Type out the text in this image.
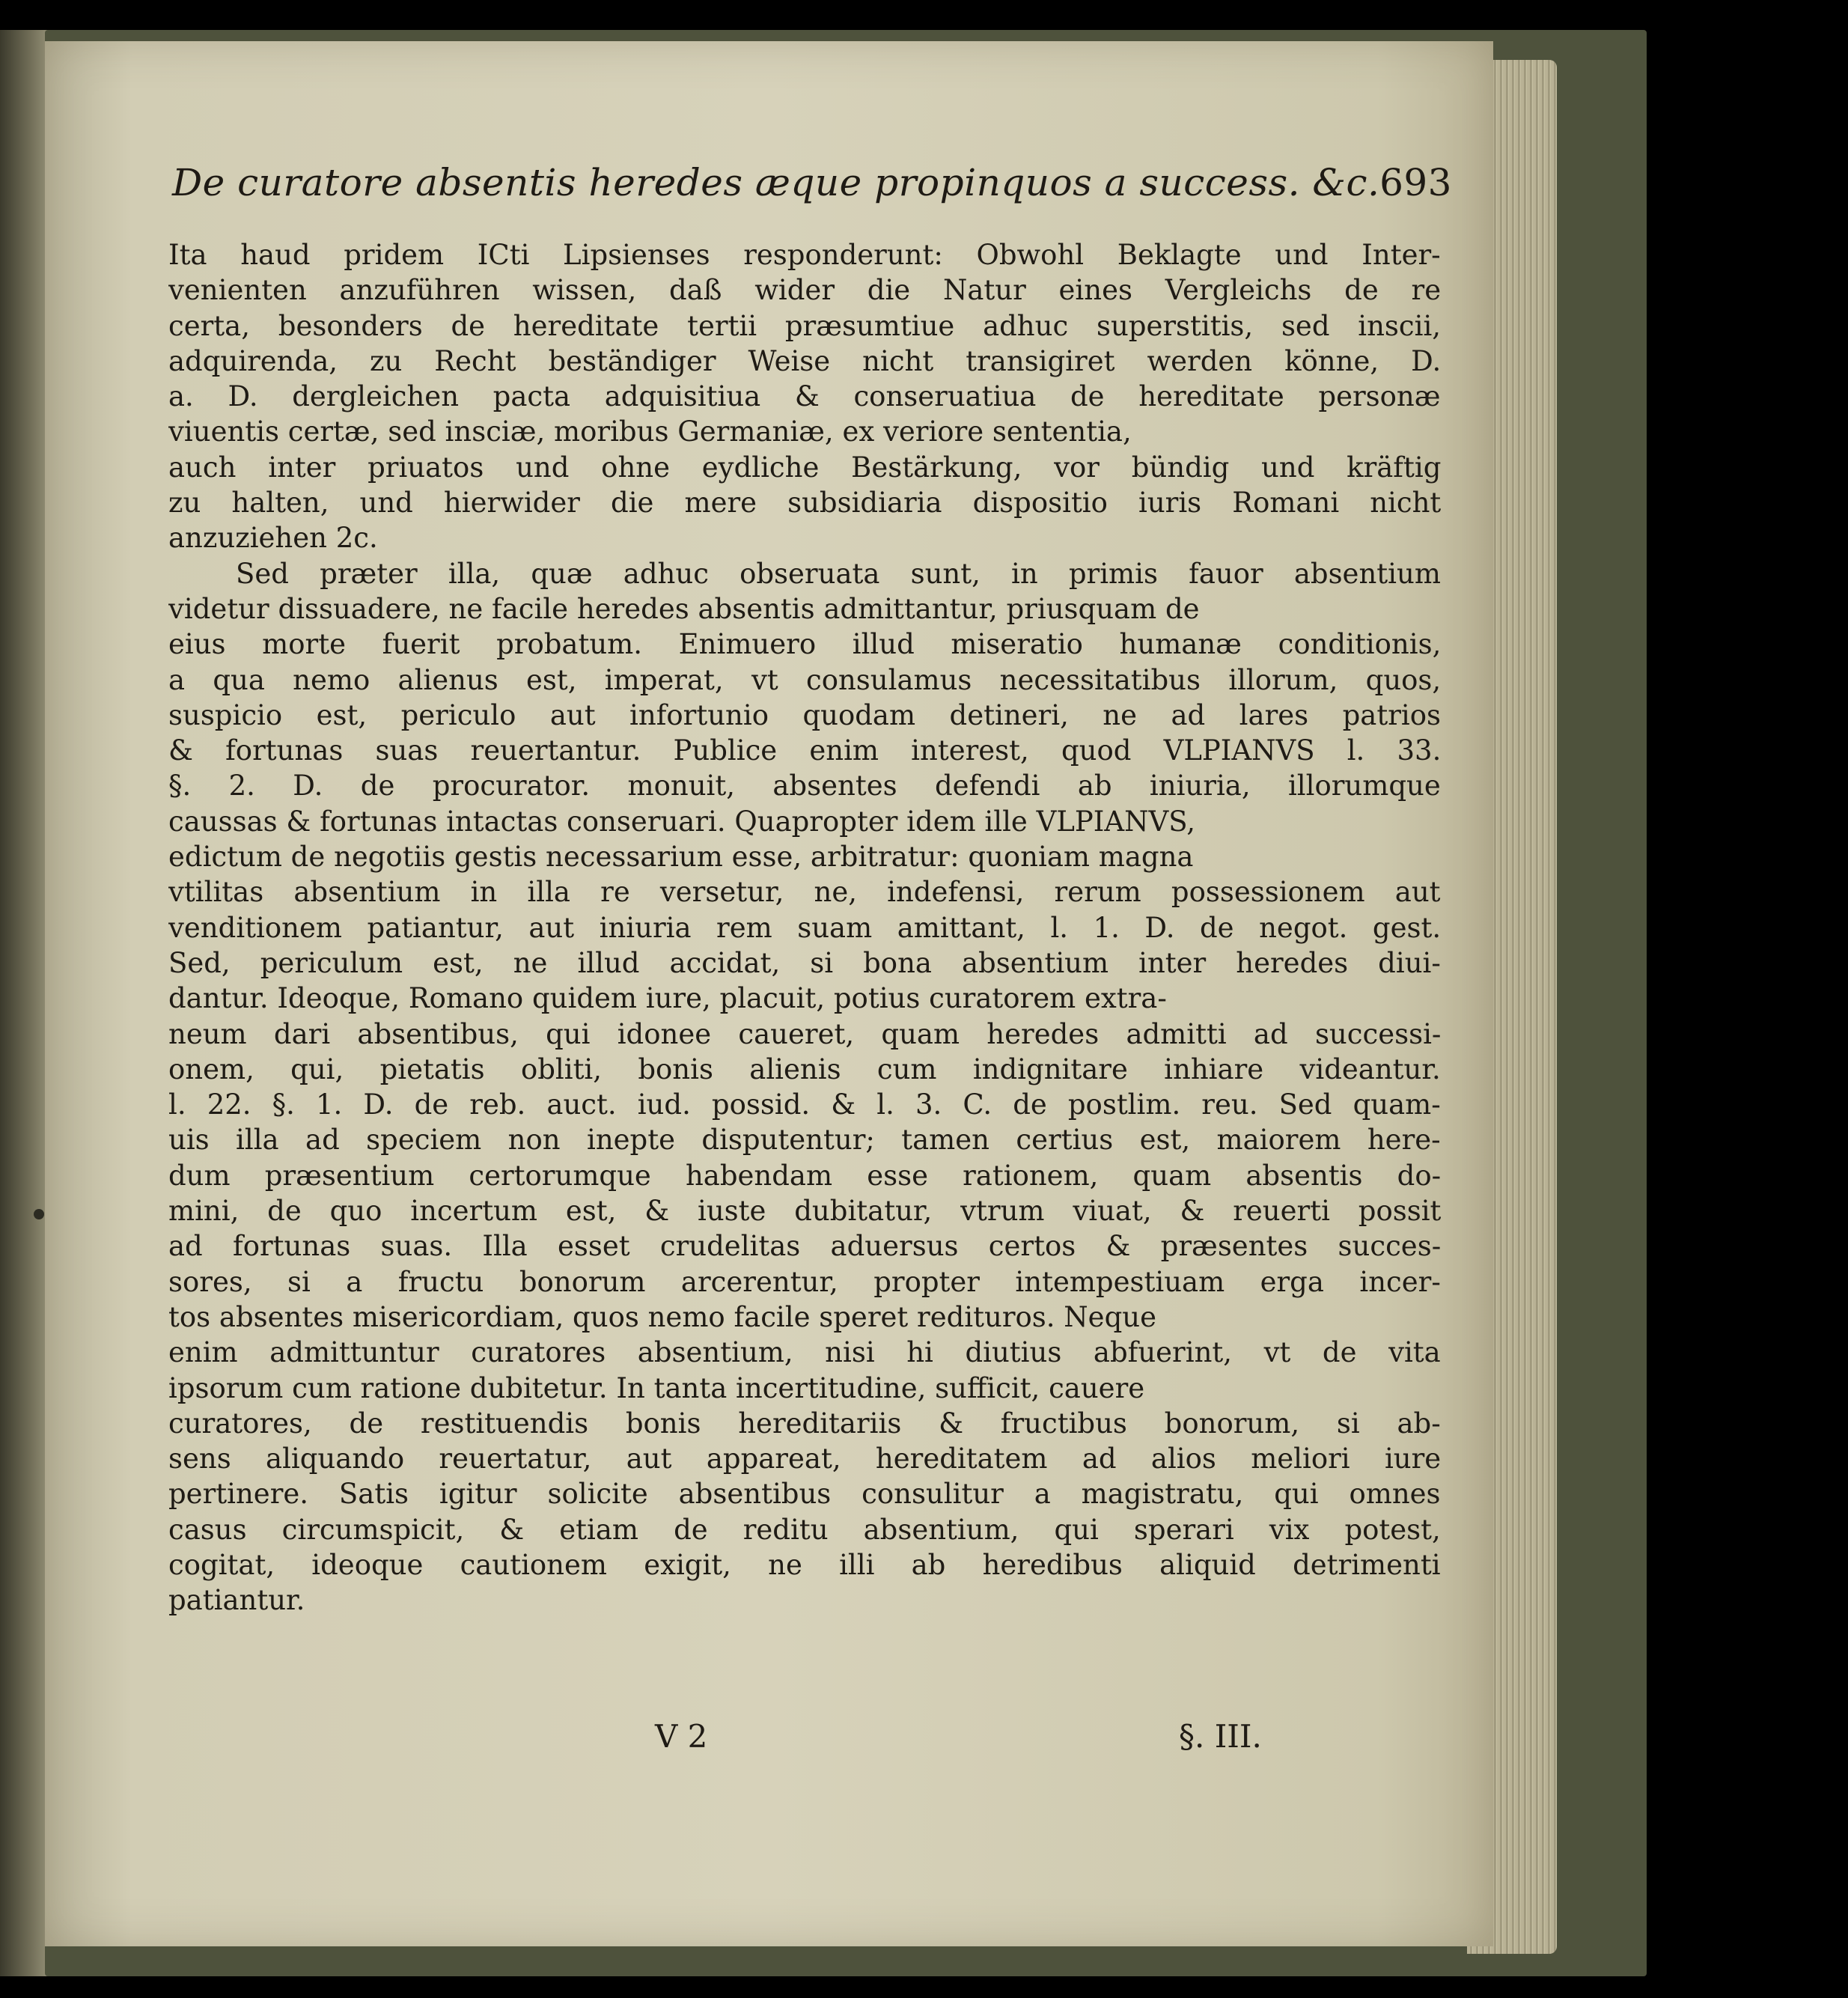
De curatore absentis heredes æque propinquos a success. &c. 693
Ita haud pridem ICti Lipsienses responderunt: Obwohl Beklagte und Inter-
venienten anzuführen wissen, daß wider die Natur eines Vergleichs de re
certa, besonders de hereditate tertii præsumtiue adhuc superstitis, sed inscii,
adquirenda, zu Recht beständiger Weise nicht transigiret werden könne, D.
a. D. dergleichen pacta adquisitiua & conseruatiua de hereditate personæ
viuentis certæ, sed insciæ, moribus Germaniæ, ex veriore sententia,
auch inter priuatos und ohne eydliche Bestärkung, vor bündig und kräftig
zu halten, und hierwider die mere subsidiaria dispositio iuris Romani nicht
anzuziehen 2c.
Sed præter illa, quæ adhuc obseruata sunt, in primis fauor absentium
videtur dissuadere, ne facile heredes absentis admittantur, priusquam de
eius morte fuerit probatum. Enimuero illud miseratio humanæ conditionis,
a qua nemo alienus est, imperat, vt consulamus necessitatibus illorum, quos,
suspicio est, periculo aut infortunio quodam detineri, ne ad lares patrios
& fortunas suas reuertantur. Publice enim interest, quod VLPIANVS l. 33.
§. 2. D. de procurator. monuit, absentes defendi ab iniuria, illorumque
caussas & fortunas intactas conseruari. Quapropter idem ille VLPIANVS,
edictum de negotiis gestis necessarium esse, arbitratur: quoniam magna
vtilitas absentium in illa re versetur, ne, indefensi, rerum possessionem aut
venditionem patiantur, aut iniuria rem suam amittant, l. 1. D. de negot. gest.
Sed, periculum est, ne illud accidat, si bona absentium inter heredes diui-
dantur. Ideoque, Romano quidem iure, placuit, potius curatorem extra-
neum dari absentibus, qui idonee caueret, quam heredes admitti ad successi-
onem, qui, pietatis obliti, bonis alienis cum indignitare inhiare videantur.
l. 22. §. 1. D. de reb. auct. iud. possid. & l. 3. C. de postlim. reu. Sed quam-
uis illa ad speciem non inepte disputentur; tamen certius est, maiorem here-
dum præsentium certorumque habendam esse rationem, quam absentis do-
mini, de quo incertum est, & iuste dubitatur, vtrum viuat, & reuerti possit
ad fortunas suas. Illa esset crudelitas aduersus certos & præsentes succes-
sores, si a fructu bonorum arcerentur, propter intempestiuam erga incer-
tos absentes misericordiam, quos nemo facile speret redituros. Neque
enim admittuntur curatores absentium, nisi hi diutius abfuerint, vt de vita
ipsorum cum ratione dubitetur. In tanta incertitudine, sufficit, cauere
curatores, de restituendis bonis hereditariis & fructibus bonorum, si ab-
sens aliquando reuertatur, aut appareat, hereditatem ad alios meliori iure
pertinere. Satis igitur solicite absentibus consulitur a magistratu, qui omnes
casus circumspicit, & etiam de reditu absentium, qui sperari vix potest,
cogitat, ideoque cautionem exigit, ne illi ab heredibus aliquid detrimenti
patiantur.
V 2	§. III.
